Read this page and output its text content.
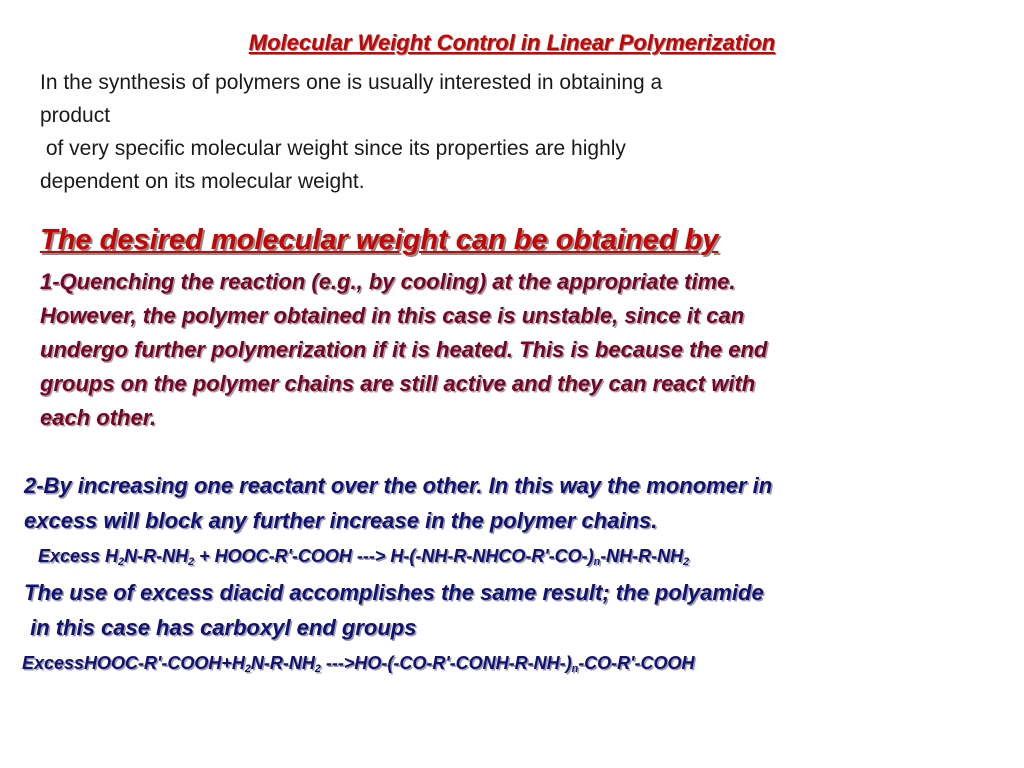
Molecular Weight Control in Linear Polymerization
In the synthesis of polymers one is usually interested in obtaining a
product
of very specific molecular weight since its properties are highly
dependent on its molecular weight.
The desired molecular weight can be obtained by
1-Quenching the reaction (e.g., by cooling) at the appropriate time.
However, the polymer obtained in this case is unstable, since it can
undergo further polymerization if it is heated. This is because the end
groups on the polymer chains are still active and they can react with
each other.
2-By increasing one reactant over the other. In this way the monomer in
excess will block any further increase in the polymer chains.
Excess $H_2N-R-NH_2$ + HOOC-R'-COOH ---> $H-(-NH-R-NHCO-R'-CO-)_n-NH-R-NH_2$
The use of excess diacid accomplishes the same result; the polyamide
in this case has carboxyl end groups
ExcessHOOC-$R'-COOH+H_2N-R-NH_2$ $--->HO-(-CO-R'-CONH-R-NH-)_n-CO-R'$-COOH
